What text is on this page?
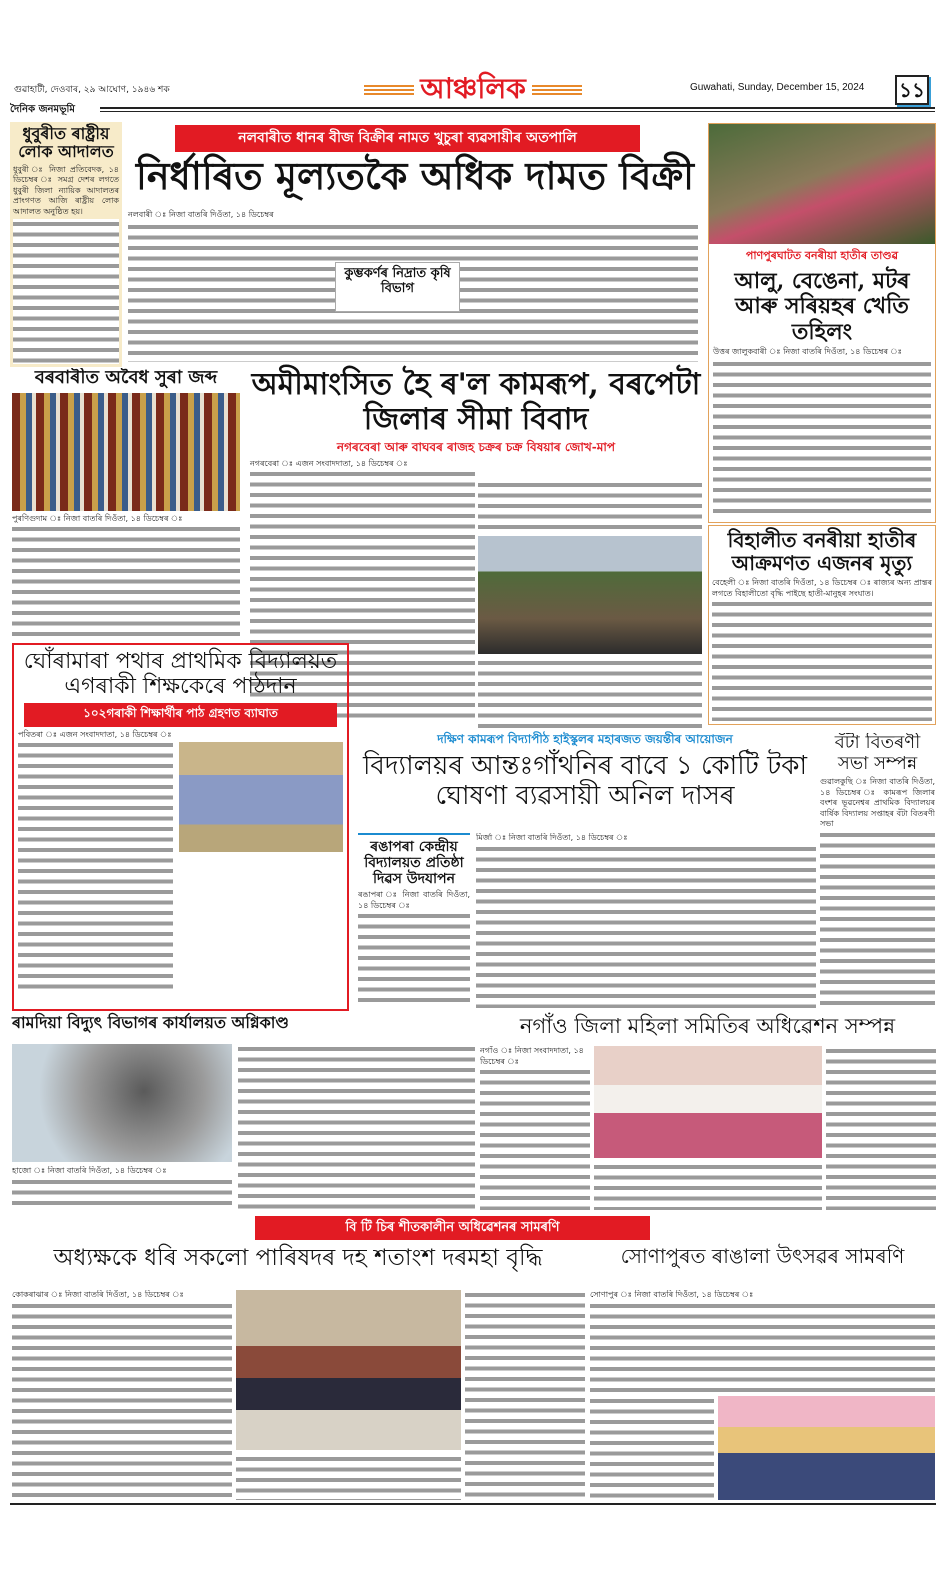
গুৱাহাটী, দেওবাৰ, ২৯ আঘোণ, ১৯৪৬ শক	আঞ্চলিক	Guwahati, Sunday, December 15, 2024 ১১
দৈনিক জনমভূমি
ধুবুৰীত ৰাষ্ট্ৰীয় লোক আদালত
ধুবুৰী ঃ নিজা প্ৰতিবেদক, ১৪ ডিচেম্বৰ ঃ সমগ্ৰ দেশৰ লগতে ধুবুৰী জিলা ন্যায়িক আদালতৰ প্ৰাংগণত আজি ৰাষ্ট্ৰীয় লোক আদালত অনুষ্ঠিত হয়।
নলবাৰীত ধানৰ বীজ বিক্ৰীৰ নামত খুচুৰা ব্যৱসায়ীৰ অতপালি
নিৰ্ধাৰিত মূল্যতকৈ অধিক দামত বিক্ৰী
নলবাৰী ঃ নিজা বাতৰি দিওঁতা, ১৪ ডিচেম্বৰ
কুম্ভকৰ্ণৰ নিদ্ৰাত কৃষি বিভাগ
পাণপুৰঘাটত বনৰীয়া হাতীৰ তাণ্ডৱ
আলু, বেঙেনা, মটৰ আৰু সৰিয়হৰ খেতি তহিলং
উত্তৰ জালুকবাৰী ঃ নিজা বাতৰি দিওঁতা, ১৪ ডিচেম্বৰ ঃ
বিহালীত বনৰীয়া হাতীৰ আক্ৰমণত এজনৰ মৃত্যু
বেহেলী ঃ নিজা বাতৰি দিওঁতা, ১৪ ডিচেম্বৰ ঃ ৰাজ্যৰ অন্য প্ৰান্তৰ লগতে বিহালীতো বৃদ্ধি পাইছে হাতী-মানুহৰ সংঘাত।
বৰবাৰীত অবৈধ সুৰা জব্দ
পুৰণিগুদাম ঃ নিজা বাতৰি দিওঁতা, ১৪ ডিচেম্বৰ ঃ
অমীমাংসিত হৈ ৰ'ল কামৰূপ, বৰপেটা জিলাৰ সীমা বিবাদ
নগৰবেৰা আৰু বাঘবৰ ৰাজহ চক্ৰৰ চক্ৰ বিষয়াৰ জোখ-মাপ
নগৰবেৰা ঃ এজন সংবাদদাতা, ১৪ ডিচেম্বৰ ঃ
ঘোঁৰামাৰা পথাৰ প্ৰাথমিক বিদ্যালয়ত এগৰাকী শিক্ষকেৰে পাঠদান
১০২গৰাকী শিক্ষাৰ্থীৰ পাঠ গ্ৰহণত ব্যাঘাত
পবিতৰা ঃ এজন সংবাদদাতা, ১৪ ডিচেম্বৰ ঃ	দক্ষিণ কামৰূপ বিদ্যাপীঠ হাইস্কুলৰ মহাৰজত জয়ন্তীৰ আয়োজন
বিদ্যালয়ৰ আন্তঃগাঁথনিৰ বাবে ১ কোটি টকা ঘোষণা ব্যৱসায়ী অনিল দাসৰ
ৰঙাপৰা কেন্দ্ৰীয় বিদ্যালয়ত প্ৰতিষ্ঠা দিৱস উদযাপন
ৰঙাপৰা ঃ নিজা বাতৰি দিওঁতা, ১৪ ডিচেম্বৰ ঃ
মিৰ্জা ঃ নিজা বাতৰি দিওঁতা, ১৪ ডিচেম্বৰ ঃ
বঁটা বিতৰণী সভা সম্পন্ন
গুৱালকুছি ঃ নিজা বাতৰি দিওঁতা, ১৪ ডিচেম্বৰ ঃ কামৰূপ জিলাৰ বংশৰ ভূৱনেশ্বৰ প্ৰাথমিক বিদ্যালয়ৰ বাৰ্ষিক বিদ্যালয় সপ্তাহৰ বঁটা বিতৰণী সভা
ৰামদিয়া বিদ্যুৎ বিভাগৰ কাৰ্যালয়ত অগ্নিকাণ্ড
হাজো ঃ নিজা বাতৰি দিওঁতা, ১৪ ডিচেম্বৰ ঃ
নগাঁও জিলা মহিলা সমিতিৰ অধিৱেশন সম্পন্ন
নগাঁও ঃ নিজা সংবাদদাতা, ১৪ ডিচেম্বৰ ঃ
বি টি চিৰ শীতকালীন অধিৱেশনৰ সামৰণি
অধ্যক্ষকে ধৰি সকলো পাৰিষদৰ দহ শতাংশ দৰমহা বৃদ্ধি
কোকৰাঝাৰ ঃ নিজা বাতৰি দিওঁতা, ১৪ ডিচেম্বৰ ঃ
সোণাপুৰত ৰাঙালা উৎসৱৰ সামৰণি
সোণাপুৰ ঃ নিজা বাতৰি দিওঁতা, ১৪ ডিচেম্বৰ ঃ
